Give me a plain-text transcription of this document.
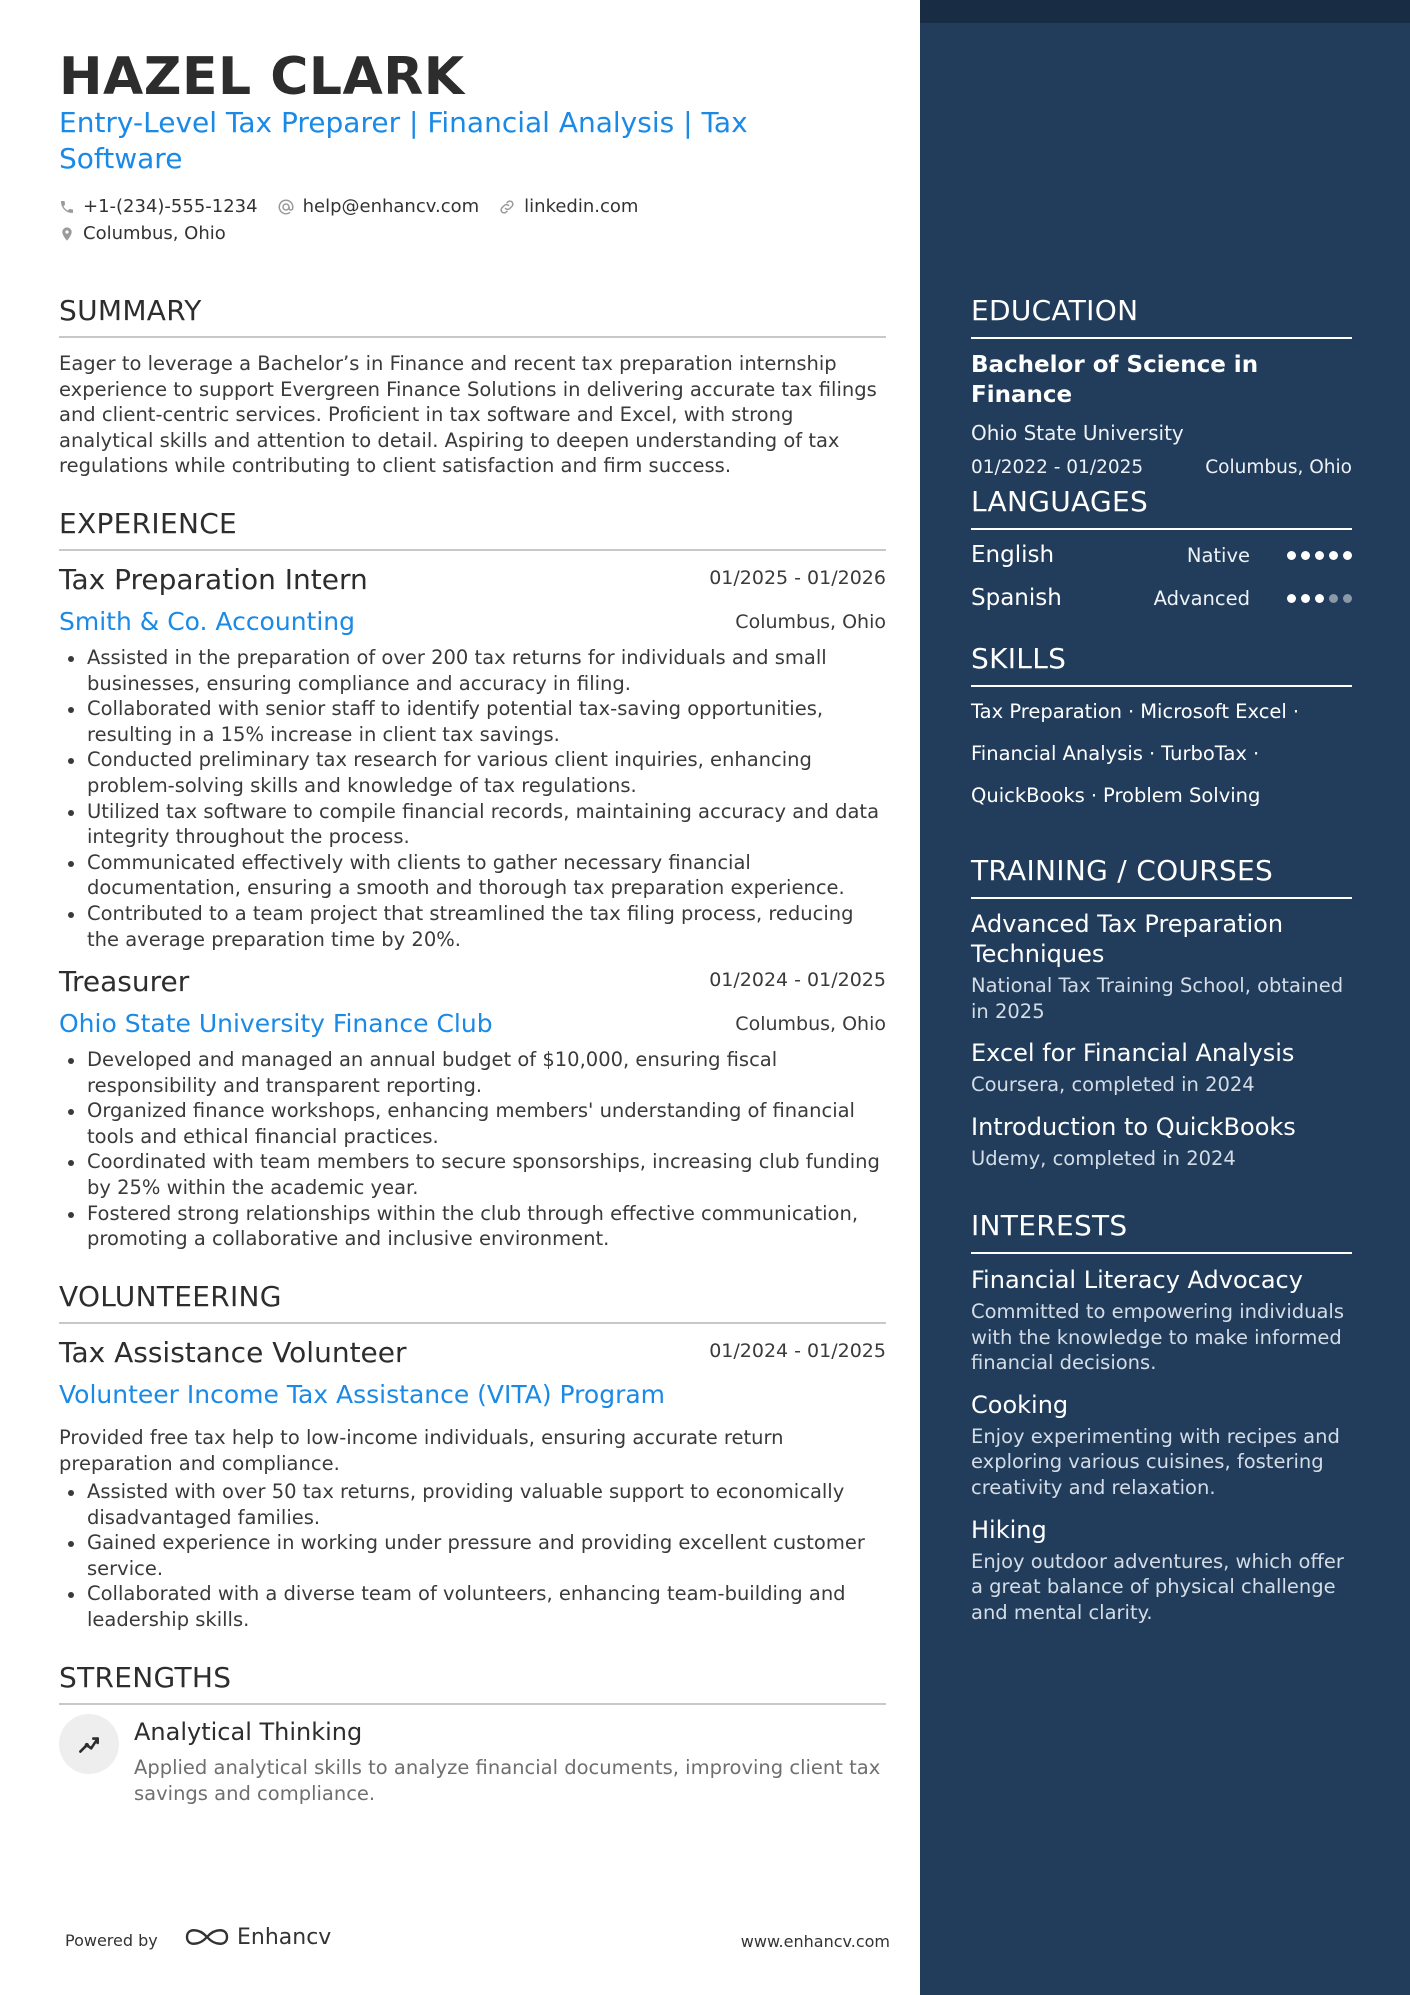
HAZEL CLARK
Entry-Level Tax Preparer | Financial Analysis | Tax Software
+1-(234)-555-1234	help@enhancv.com	linkedin.com
Columbus, Ohio
SUMMARY
Eager to leverage a Bachelor’s in Finance and recent tax preparation internship experience to support Evergreen Finance Solutions in delivering accurate tax filings and client-centric services. Proficient in tax software and Excel, with strong analytical skills and attention to detail. Aspiring to deepen understanding of tax regulations while contributing to client satisfaction and firm success.
EXPERIENCE
Tax Preparation Intern	01/2025 - 01/2026
Smith & Co. Accounting	Columbus, Ohio
Assisted in the preparation of over 200 tax returns for individuals and small businesses, ensuring compliance and accuracy in filing.
Collaborated with senior staff to identify potential tax-saving opportunities, resulting in a 15% increase in client tax savings.
Conducted preliminary tax research for various client inquiries, enhancing problem-solving skills and knowledge of tax regulations.
Utilized tax software to compile financial records, maintaining accuracy and data integrity throughout the process.
Communicated effectively with clients to gather necessary financial documentation, ensuring a smooth and thorough tax preparation experience.
Contributed to a team project that streamlined the tax filing process, reducing the average preparation time by 20%.
Treasurer	01/2024 - 01/2025
Ohio State University Finance Club	Columbus, Ohio
Developed and managed an annual budget of $10,000, ensuring fiscal responsibility and transparent reporting.
Organized finance workshops, enhancing members' understanding of financial tools and ethical financial practices.
Coordinated with team members to secure sponsorships, increasing club funding by 25% within the academic year.
Fostered strong relationships within the club through effective communication, promoting a collaborative and inclusive environment.
VOLUNTEERING
Tax Assistance Volunteer	01/2024 - 01/2025
Volunteer Income Tax Assistance (VITA) Program
Provided free tax help to low-income individuals, ensuring accurate return preparation and compliance.
Assisted with over 50 tax returns, providing valuable support to economically disadvantaged families.
Gained experience in working under pressure and providing excellent customer service.
Collaborated with a diverse team of volunteers, enhancing team-building and leadership skills.
STRENGTHS
Analytical Thinking
Applied analytical skills to analyze financial documents, improving client tax savings and compliance.
Powered by	Enhancv	www.enhancv.com
EDUCATION
Bachelor of Science in Finance
Ohio State University
01/2022 - 01/2025	Columbus, Ohio
LANGUAGES
English	Native
Spanish	Advanced
SKILLS
Tax Preparation · Microsoft Excel ·
Financial Analysis · TurboTax ·
QuickBooks · Problem Solving
TRAINING / COURSES
Advanced Tax Preparation Techniques
National Tax Training School, obtained in 2025
Excel for Financial Analysis
Coursera, completed in 2024
Introduction to QuickBooks
Udemy, completed in 2024
INTERESTS
Financial Literacy Advocacy
Committed to empowering individuals with the knowledge to make informed financial decisions.
Cooking
Enjoy experimenting with recipes and exploring various cuisines, fostering creativity and relaxation.
Hiking
Enjoy outdoor adventures, which offer a great balance of physical challenge and mental clarity.
